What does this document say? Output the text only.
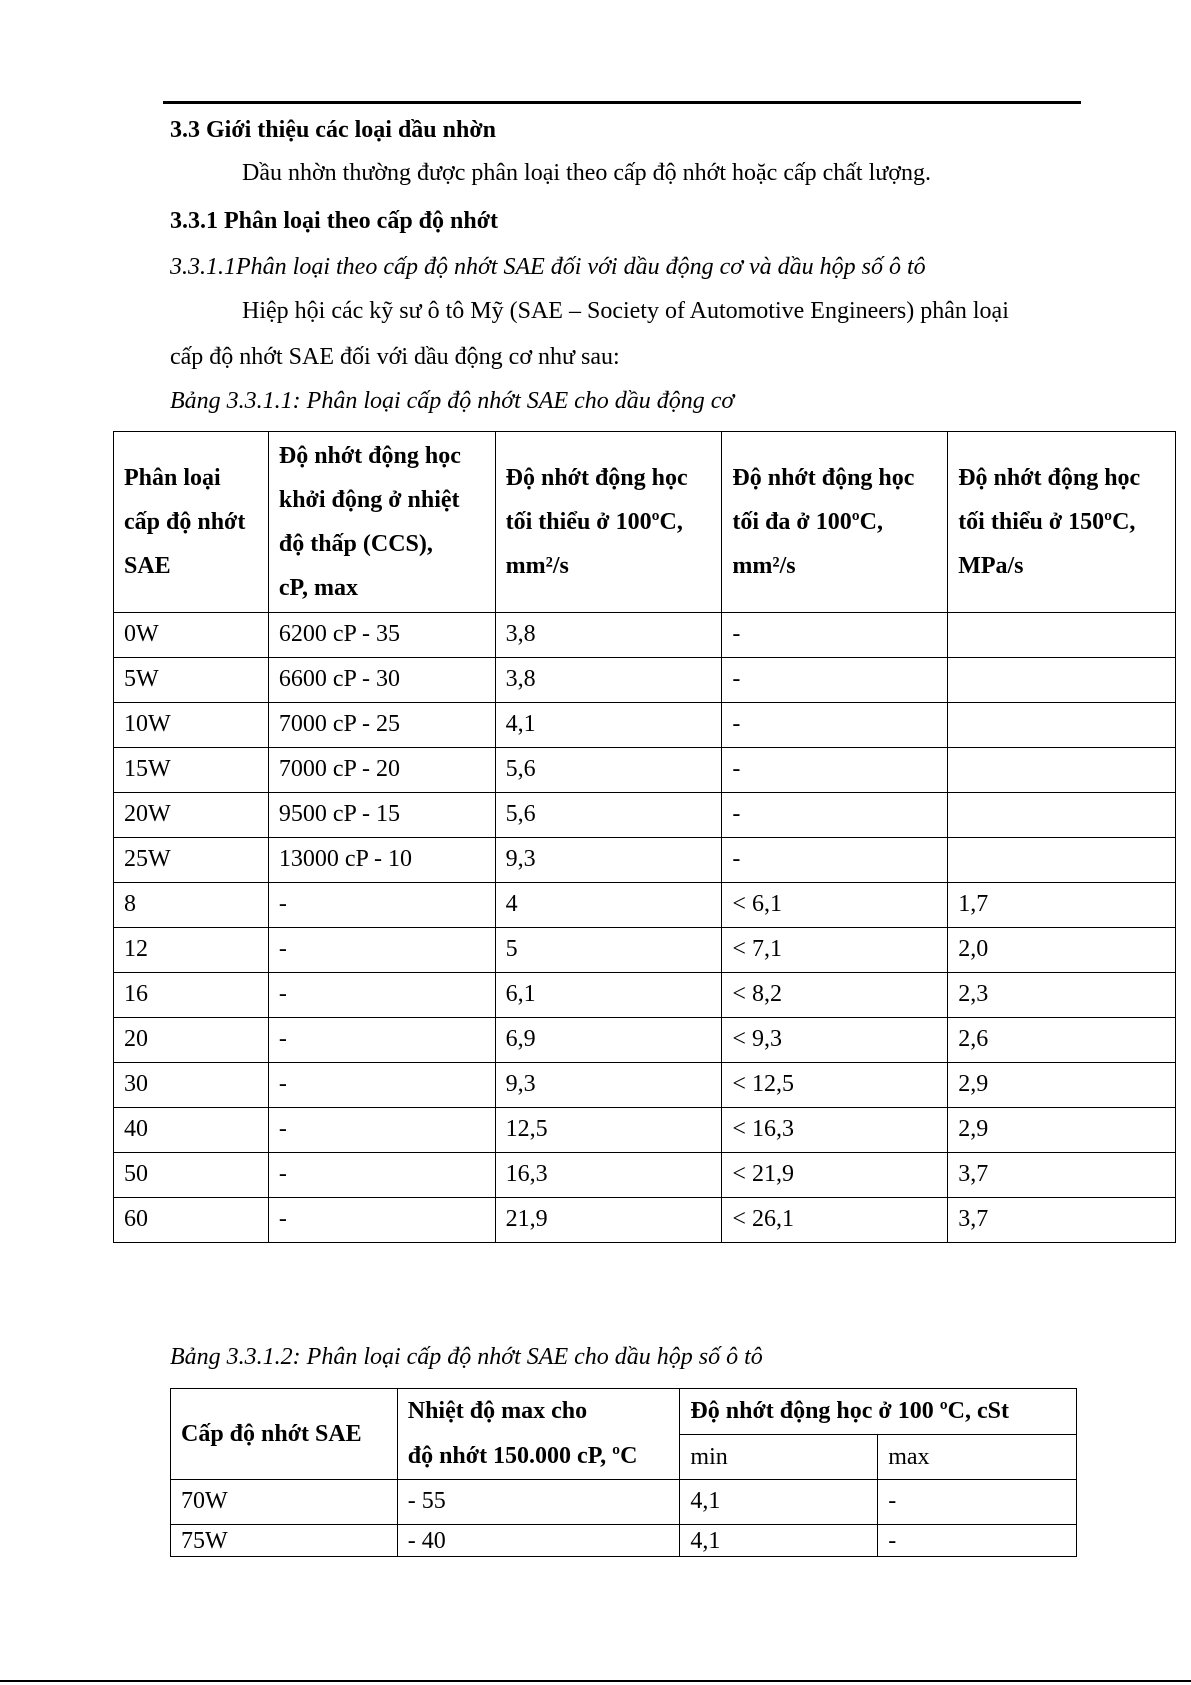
3.3 Giới thiệu các loại dầu nhờn
Dầu nhờn thường được phân loại theo cấp độ nhớt hoặc cấp chất lượng.
3.3.1 Phân loại theo cấp độ nhớt
3.3.1.1Phân loại theo cấp độ nhớt SAE đối với dầu động cơ và dầu hộp số ô tô
Hiệp hội các kỹ sư ô tô Mỹ (SAE – Society of Automotive Engineers) phân loại
cấp độ nhớt SAE đối với dầu động cơ như sau:
Bảng 3.3.1.1: Phân loại cấp độ nhớt SAE cho dầu động cơ
Phân loại
cấp độ nhớt
SAE	Độ nhớt động học
khởi động ở nhiệt
độ thấp (CCS),
cP, max	Độ nhớt động học
tối thiểu ở 100ºC,
mm²/s	Độ nhớt động học
tối đa ở 100ºC,
mm²/s	Độ nhớt động học
tối thiểu ở 150ºC,
MPa/s
0W	6200 cP - 35	3,8	-	
5W	6600 cP - 30	3,8	-	
10W	7000 cP - 25	4,1	-	
15W	7000 cP - 20	5,6	-	
20W	9500 cP - 15	5,6	-	
25W	13000 cP - 10	9,3	-	
8	-	4	< 6,1	1,7
12	-	5	< 7,1	2,0
16	-	6,1	< 8,2	2,3
20	-	6,9	< 9,3	2,6
30	-	9,3	< 12,5	2,9
40	-	12,5	< 16,3	2,9
50	-	16,3	< 21,9	3,7
60	-	21,9	< 26,1	3,7
Bảng 3.3.1.2: Phân loại cấp độ nhớt SAE cho dầu hộp số ô tô
Cấp độ nhớt SAE	Nhiệt độ max cho
độ nhớt 150.000 cP, ºC	Độ nhớt động học ở 100 ºC, cSt	
		min	max
70W	- 55	4,1	-
75W	- 40	4,1	-
